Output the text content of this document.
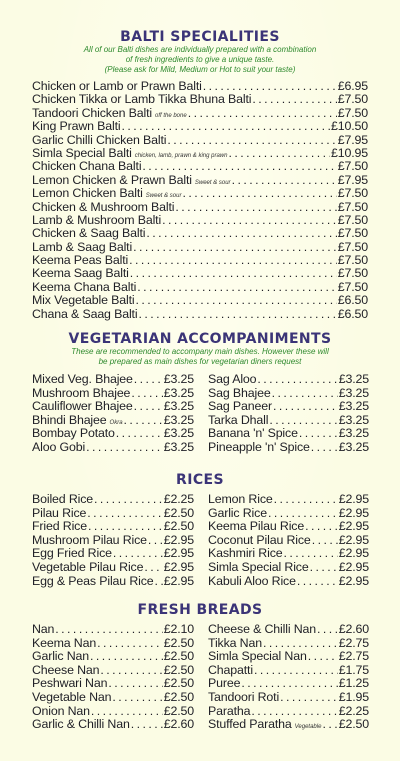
BALTI SPECIALITIES
All of our Balti dishes are individually prepared with a combination
of fresh ingredients to give a unique taste.
(Please ask for Mild, Medium or Hot to suit your taste)
Chicken or Lamb or Prawn Balti . . .	£6.95
Chicken Tikka or Lamb Tikka Bhuna Balti . . .	£7.50
Tandoori Chicken Balti off the bone . . .	£7.50
King Prawn Balti . . .	£10.50
Garlic Chilli Chicken Balti . . .	£7.95
Simla Special Balti chicken, lamb, prawn & king prawn . . .	£10.95
Chicken Chana Balti . . .	£7.50
Lemon Chicken & Prawn Balti Sweet & sour . . .	£7.95
Lemon Chicken Balti Sweet & sour . . .	£7.50
Chicken & Mushroom Balti . . .	£7.50
Lamb & Mushroom Balti . . .	£7.50
Chicken & Saag Balti . . .	£7.50
Lamb & Saag Balti . . .	£7.50
Keema Peas Balti . . .	£7.50
Keema Saag Balti . . .	£7.50
Keema Chana Balti . . .	£7.50
Mix Vegetable Balti . . .	£6.50
Chana & Saag Balti . . .	£6.50
VEGETARIAN ACCOMPANIMENTS
These are recommended to accompany main dishes. However these will
be prepared as main dishes for vegetarian diners request
Mixed Veg. Bhajee . . . £3.25
Mushroom Bhajee . . .	£3.25
Cauliflower Bhajee . . .	£3.25
Bhindi Bhajee Okra . . .	£3.25
Bombay Potato . . .	£3.25
Aloo Gobi . . .	£3.25
Sag Aloo . . .	£3.25
Sag Bhajee . . .	£3.25
Sag Paneer . . .	£3.25
Tarka Dhall . . .	£3.25
Banana 'n' Spice . . .	£3.25
Pineapple 'n' Spice . . . £3.25
RICES
Boiled Rice . . .	£2.25
Pilau Rice . . .	£2.50
Fried Rice . . .	£2.50
Mushroom Pilau Rice . . . £2.95
Egg Fried Rice . . .	£2.95
Vegetable Pilau Rice . . . £2.95
Egg & Peas Pilau Rice . . . £2.95
Lemon Rice . . .	£2.95
Garlic Rice . . .	£2.95
Keema Pilau Rice . . .	£2.95
Coconut Pilau Rice . . . £2.95
Kashmiri Rice . . .	£2.95
Simla Special Rice . . . £2.95
Kabuli Aloo Rice . . .	£2.95
FRESH BREADS
Nan . . .	£2.10
Keema Nan . . .	£2.50
Garlic Nan . . .	£2.50
Cheese Nan . . .	£2.50
Peshwari Nan . . .	£2.50
Vegetable Nan . . .	£2.50
Onion Nan . . .	£2.50
Garlic & Chilli Nan . . .	£2.60
Cheese & Chilli Nan . . . £2.60
Tikka Nan . . .	£2.75
Simla Special Nan . . .	£2.75
Chapatti . . .	£1.75
Puree . . .	£1.25
Tandoori Roti . . .	£1.95
Paratha . . .	£2.25
Stuffed Paratha Vegetable . . . £2.50
